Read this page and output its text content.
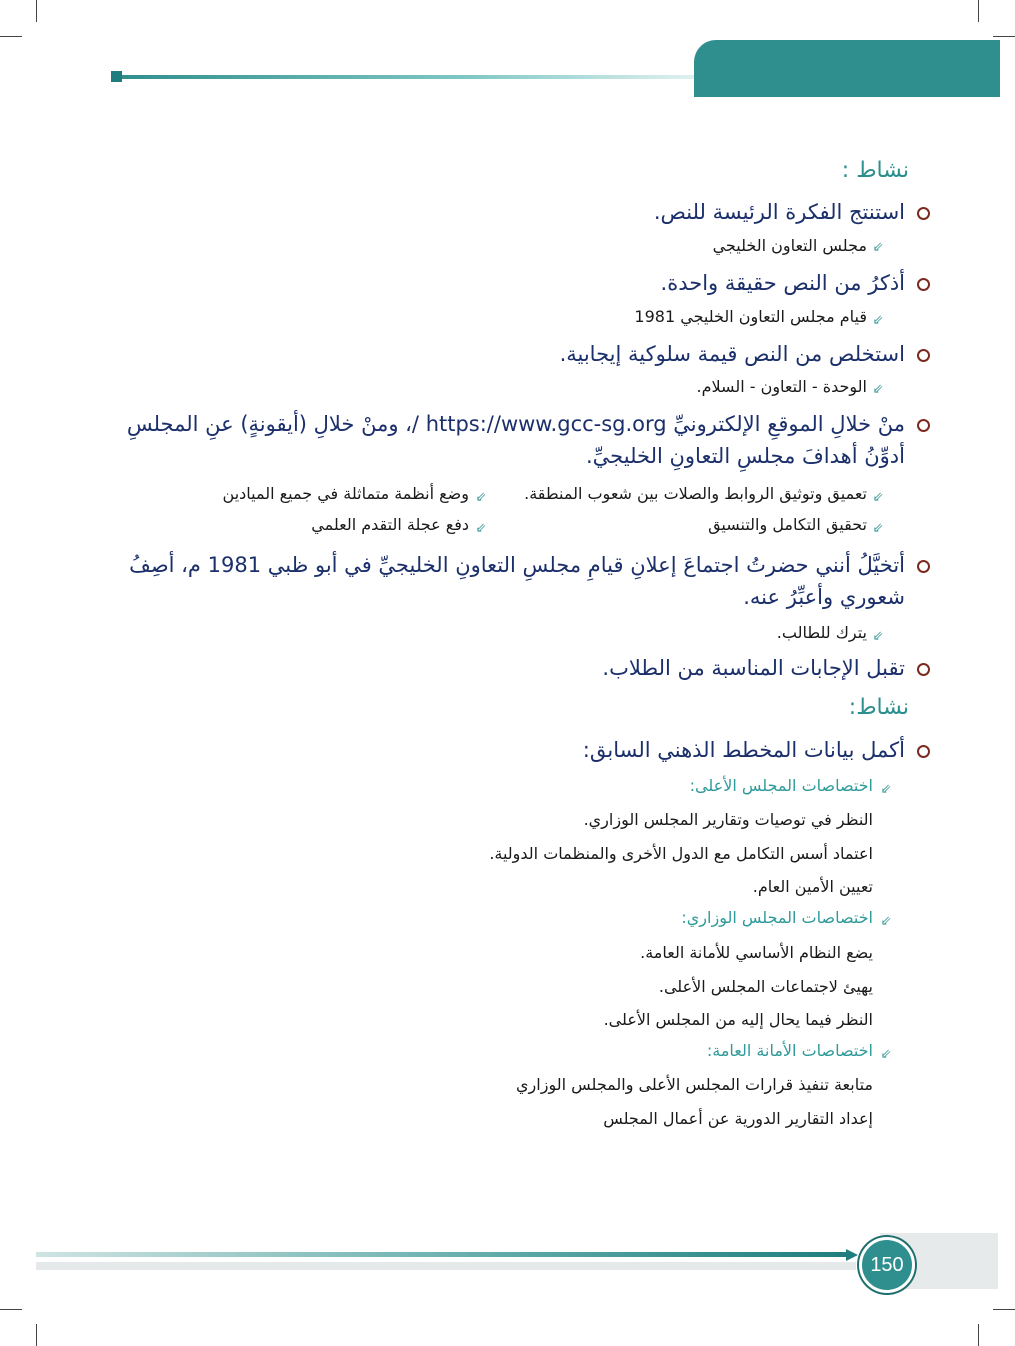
نشاط :
استنتج الفكرة الرئيسة للنص.
⇙
مجلس التعاون الخليجي
أذكرُ من النص حقيقة واحدة.
⇙
قيام مجلس التعاون الخليجي 1981
استخلص من النص قيمة سلوكية إيجابية.
⇙
الوحدة - التعاون - السلام.
منْ خلالِ الموقعِ الإلكترونيِّ https://www.gcc-sg.org /، ومنْ خلالِ (أيقونةٍ) عنِ المجلسِ أدوِّنُ أهدافَ مجلسِ التعاونِ الخليجيِّ.
⇙
تعميق وتوثيق الروابط والصلات بين شعوب المنطقة.
⇙
وضع أنظمة متماثلة في جميع الميادين
⇙
تحقيق التكامل والتنسيق
⇙
دفع عجلة التقدم العلمي
أتخيَّلُ أنني حضرتُ اجتماعَ إعلانِ قيامِ مجلسِ التعاونِ الخليجيِّ في أبو ظبي 1981 م، أصِفُ شعوري وأعبِّرُ عنه.
⇙
يترك للطالب.
تقبل الإجابات المناسبة من الطلاب.
نشاط:
أكمل بيانات المخطط الذهني السابق:
⇙
اختصاصات المجلس الأعلى:
النظر في توصيات وتقارير المجلس الوزاري.
اعتماد أسس التكامل مع الدول الأخرى والمنظمات الدولية.
تعيين الأمين العام.
⇙
اختصاصات المجلس الوزاري:
يضع النظام الأساسي للأمانة العامة.
يهيئ لاجتماعات المجلس الأعلى.
النظر فيما يحال إليه من المجلس الأعلى.
⇙
اختصاصات الأمانة العامة:
متابعة تنفيذ قرارات المجلس الأعلى والمجلس الوزاري
إعداد التقارير الدورية عن أعمال المجلس
150
